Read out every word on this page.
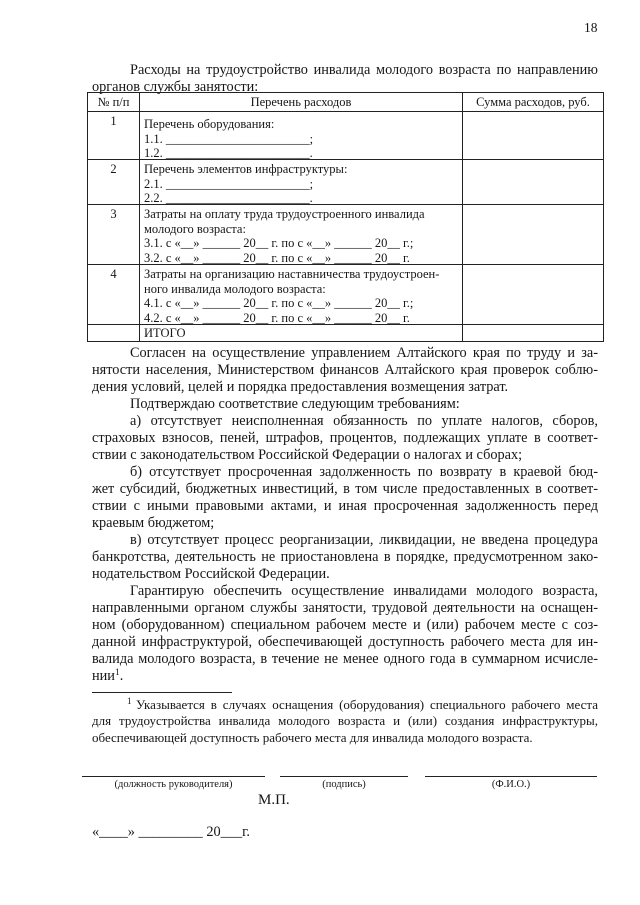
18
Расходы на трудоустройство инвалида молодого возраста по направлению
органов службы занятости:
№ п/п	Перечень расходов	Сумма расходов, руб.
1	Перечень оборудования:
1.1. _______________________;
1.2. _______________________.
2	Перечень элементов инфраструктуры:
2.1. _______________________;
2.2. _______________________.
3	Затраты на оплату труда трудоустроенного инвалида
молодого возраста:
3.1. с «__» ______ 20__ г. по с «__» ______ 20__ г.;
3.2. с «__» ______ 20__ г. по с «__» ______ 20__ г.
4	Затраты на организацию наставничества трудоустроен-
ного инвалида молодого возраста:
4.1. с «__» ______ 20__ г. по с «__» ______ 20__ г.;
4.2. с «__» ______ 20__ г. по с «__» ______ 20__ г.
ИТОГО
Согласен на осуществление управлением Алтайского края по труду и за-
нятости населения, Министерством финансов Алтайского края проверок соблю-
дения условий, целей и порядка предоставления возмещения затрат.
Подтверждаю соответствие следующим требованиям:
а) отсутствует неисполненная обязанность по уплате налогов, сборов,
страховых взносов, пеней, штрафов, процентов, подлежащих уплате в соответ-
ствии с законодательством Российской Федерации о налогах и сборах;
б) отсутствует просроченная задолженность по возврату в краевой бюд-
жет субсидий, бюджетных инвестиций, в том числе предоставленных в соответ-
ствии с иными правовыми актами, и иная просроченная задолженность перед
краевым бюджетом;
в) отсутствует процесс реорганизации, ликвидации, не введена процедура
банкротства, деятельность не приостановлена в порядке, предусмотренном зако-
нодательством Российской Федерации.
Гарантирую обеспечить осуществление инвалидами молодого возраста,
направленными органом службы занятости, трудовой деятельности на оснащен-
ном (оборудованном) специальном рабочем месте и (или) рабочем месте с соз-
данной инфраструктурой, обеспечивающей доступность рабочего места для ин-
валида молодого возраста, в течение не менее одного года в суммарном исчисле-
нии$^1$.
1 Указывается в случаях оснащения (оборудования) специального рабочего места
для трудоустройства инвалида молодого возраста и (или) создания инфраструктуры,
обеспечивающей доступность рабочего места для инвалида молодого возраста.
(должность руководителя)	(подпись)	(Ф.И.О.)
М.П.
«____» _________ 20___г.
